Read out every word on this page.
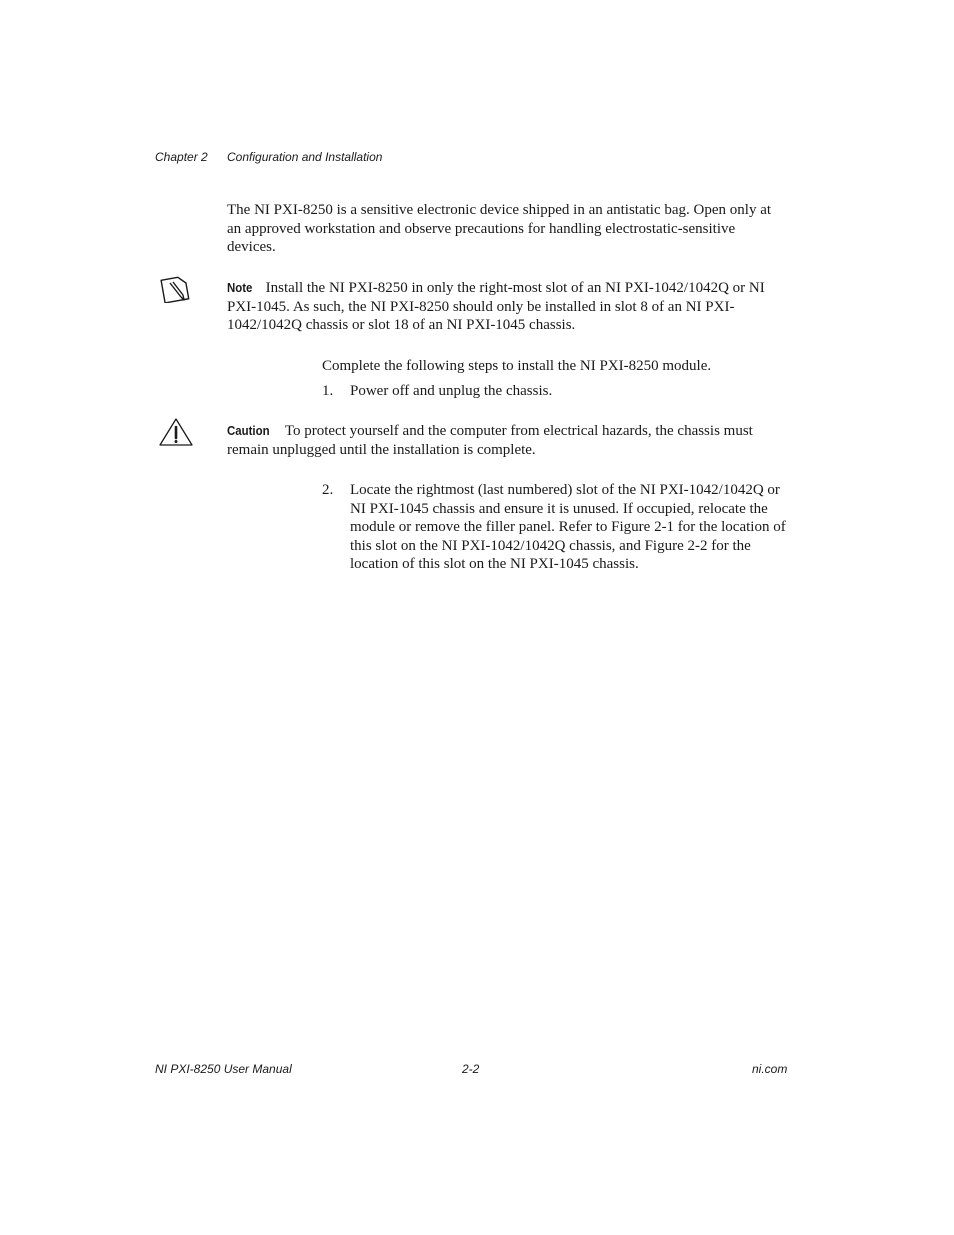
Chapter 2 Configuration and Installation

The NI PXI-8250 is a sensitive electronic device shipped in an antistatic bag. Open only at an approved workstation and observe precautions for handling electrostatic-sensitive devices.

Note Install the NI PXI-8250 in only the right-most slot of an NI PXI-1042/1042Q or NI PXI-1045. As such, the NI PXI-8250 should only be installed in slot 8 of an NI PXI-1042/1042Q chassis or slot 18 of an NI PXI-1045 chassis.

Complete the following steps to install the NI PXI-8250 module.

1. Power off and unplug the chassis.

Caution To protect yourself and the computer from electrical hazards, the chassis must remain unplugged until the installation is complete.

2. Locate the rightmost (last numbered) slot of the NI PXI-1042/1042Q or NI PXI-1045 chassis and ensure it is unused. If occupied, relocate the module or remove the filler panel. Refer to Figure 2-1 for the location of this slot on the NI PXI-1042/1042Q chassis, and Figure 2-2 for the location of this slot on the NI PXI-1045 chassis.
NI PXI-8250 User Manual	2-2	ni.com
